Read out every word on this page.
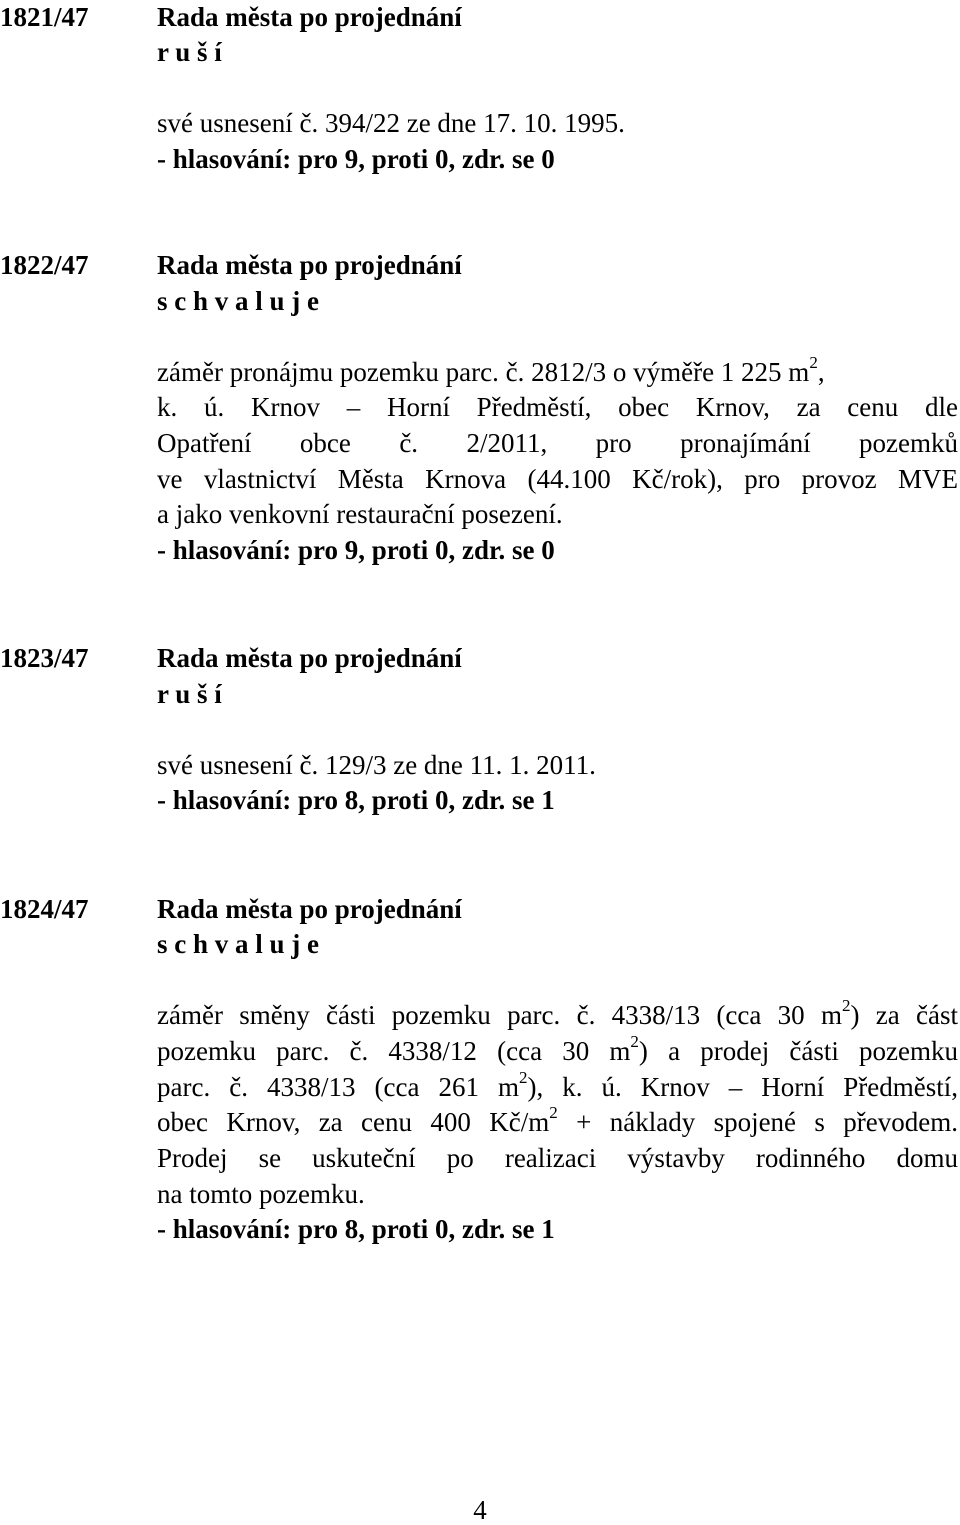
1821/47	Rada města po projednání
r u š í
své usnesení č. 394/22 ze dne 17. 10. 1995.
- hlasování: pro 9, proti 0, zdr. se 0
1822/47	Rada města po projednání
s c h v a l u j e
záměr pronájmu pozemku parc. č. 2812/3 o výměře 1 225 $m^2$,
k. ú. Krnov – Horní Předměstí, obec Krnov, za cenu dle
Opatření obce č. 2/2011, pro pronajímání pozemků
ve vlastnictví Města Krnova (44.100 Kč/rok), pro provoz MVE
a jako venkovní restaurační posezení.
- hlasování: pro 9, proti 0, zdr. se 0
1823/47	Rada města po projednání
r u š í
své usnesení č. 129/3 ze dne 11. 1. 2011.
- hlasování: pro 8, proti 0, zdr. se 1
1824/47	Rada města po projednání
s c h v a l u j e
záměr směny části pozemku parc. č. 4338/13 (cca 30 $m^2$) za část
pozemku parc. č. 4338/12 (cca 30 $m^2$) a prodej části pozemku
parc. č. 4338/13 (cca 261 $m^2$), k. ú. Krnov – Horní Předměstí,
obec Krnov, za cenu 400 $Kč/m^2$ + náklady spojené s převodem.
Prodej se uskuteční po realizaci výstavby rodinného domu
na tomto pozemku.
- hlasování: pro 8, proti 0, zdr. se 1
4
